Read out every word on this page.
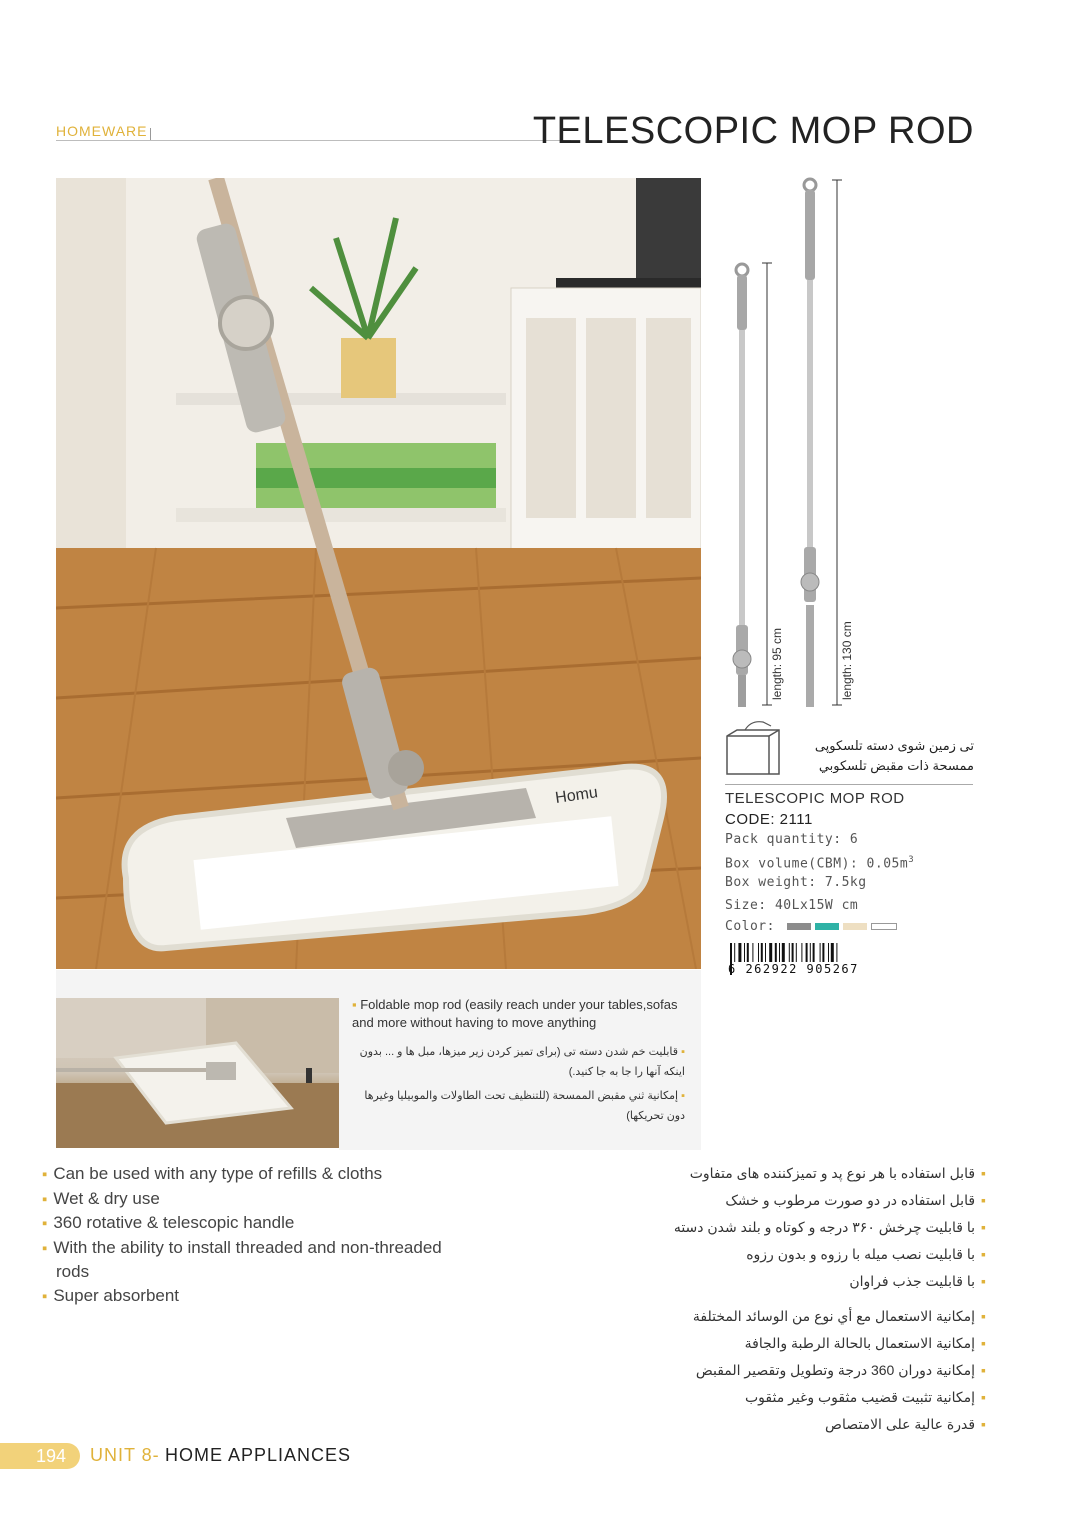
HOMEWARE	TELESCOPIC MOP ROD
Homu
length: 95 cm	length: 130 cm
تی زمین شوی دسته تلسکوپی
ممسحة ذات مقبض تلسكوبي
TELESCOPIC MOP ROD
CODE: 2111
Pack quantity: 6
Box volume(CBM): $0.05m^3$
Box weight: 7.5kg
Size: 40Lx15W cm
Color:
6 262922 905267
▪ Foldable mop rod (easily reach under your tables,sofas and more without having to move anything
▪ قابلیت خم شدن دسته تی (برای تمیز کردن زیر میزها، مبل ها و ... بدون اینکه آنها را جا به جا کنید.)
▪ إمكانية ثني مقبض الممسحة (للتنظيف تحت الطاولات والموبيليا وغيرها دون تحريكها)
▪ Can be used with any type of refills & cloths
▪ Wet & dry use
▪ 360 rotative & telescopic handle
▪ With the ability to install threaded and non-threaded rods
▪ Super absorbent
▪قابل استفاده با هر نوع پد و تمیزکننده های متفاوت
▪قابل استفاده در دو صورت مرطوب و خشک
▪با قابلیت چرخش ۳۶۰ درجه و کوتاه و بلند شدن دسته
▪با قابلیت نصب میله با رزوه و بدون رزوه
▪با قابلیت جذب فراوان
▪إمكانية الاستعمال مع أي نوع من الوسائد المختلفة
▪إمكانية الاستعمال بالحالة الرطبة والجافة
▪إمكانية دوران 360 درجة وتطويل وتقصير المقبض
▪إمكانية تثبيت قضيب مثقوب وغير مثقوب
▪قدرة عالية على الامتصاص
194 UNIT 8- HOME APPLIANCES
